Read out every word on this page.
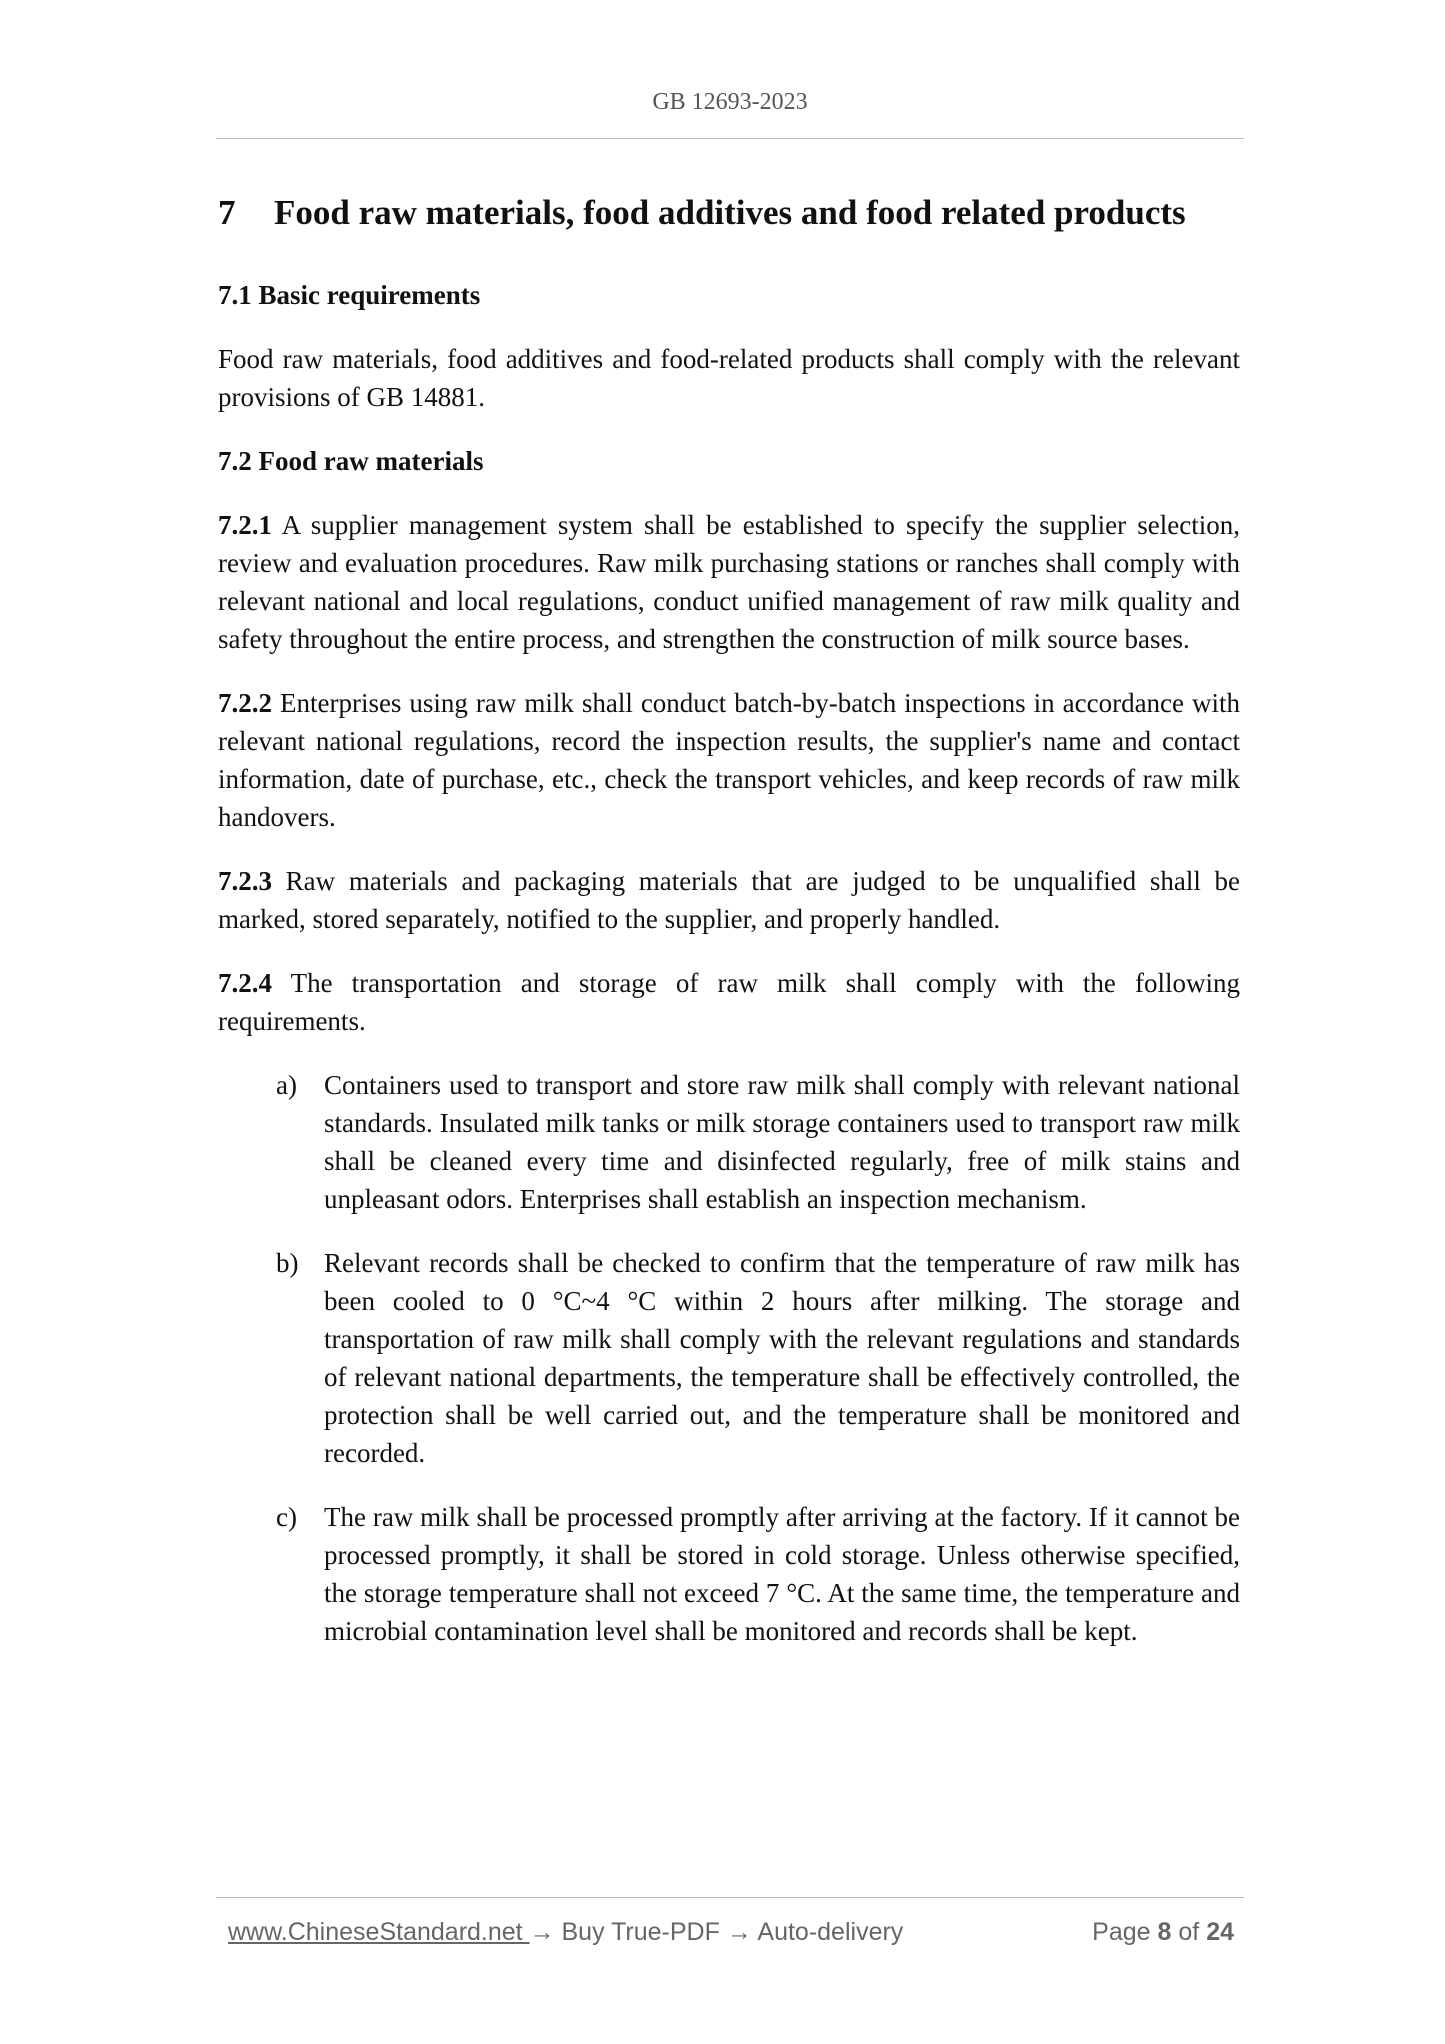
GB 12693-2023
7 Food raw materials, food additives and food related products
7.1 Basic requirements

Food raw materials, food additives and food-related products shall comply with the relevant provisions of GB 14881.

7.2 Food raw materials

7.2.1 A supplier management system shall be established to specify the supplier selection, review and evaluation procedures. Raw milk purchasing stations or ranches shall comply with relevant national and local regulations, conduct unified management of raw milk quality and safety throughout the entire process, and strengthen the construction of milk source bases.

7.2.2 Enterprises using raw milk shall conduct batch-by-batch inspections in accordance with relevant national regulations, record the inspection results, the supplier's name and contact information, date of purchase, etc., check the transport vehicles, and keep records of raw milk handovers.

7.2.3 Raw materials and packaging materials that are judged to be unqualified shall be marked, stored separately, notified to the supplier, and properly handled.

7.2.4 The transportation and storage of raw milk shall comply with the following requirements.

a)	Containers used to transport and store raw milk shall comply with relevant national standards. Insulated milk tanks or milk storage containers used to transport raw milk shall be cleaned every time and disinfected regularly, free of milk stains and unpleasant odors. Enterprises shall establish an inspection mechanism.
b) Relevant records shall be checked to confirm that the temperature of raw milk has been cooled to 0 °C~4 °C within 2 hours after milking. The storage and transportation of raw milk shall comply with the relevant regulations and standards of relevant national departments, the temperature shall be effectively controlled, the protection shall be well carried out, and the temperature shall be monitored and recorded.
c)	The raw milk shall be processed promptly after arriving at the factory. If it cannot be processed promptly, it shall be stored in cold storage. Unless otherwise specified, the storage temperature shall not exceed 7 °C. At the same time, the temperature and microbial contamination level shall be monitored and records shall be kept.
www.ChineseStandard.net → Buy True-PDF → Auto-delivery	Page 8 of 24
